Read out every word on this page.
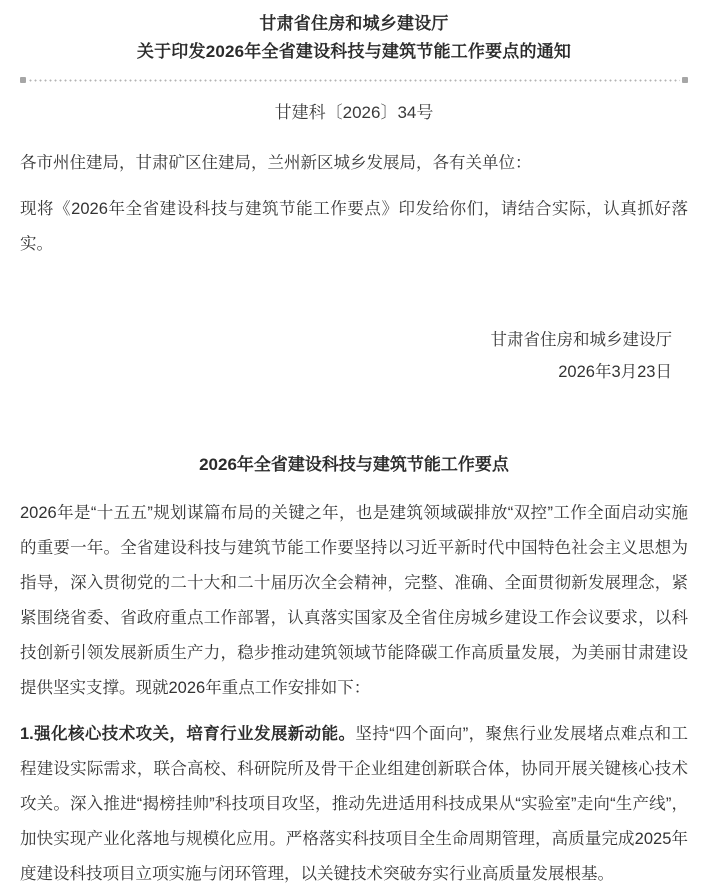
甘肃省住房和城乡建设厅
关于印发2026年全省建设科技与建筑节能工作要点的通知
甘建科〔2026〕34号

各市州住建局，甘肃矿区住建局，兰州新区城乡发展局，各有关单位：

现将《2026年全省建设科技与建筑节能工作要点》印发给你们，请结合实际，认真抓好落实。

甘肃省住房和城乡建设厅
2026年3月23日
2026年全省建设科技与建筑节能工作要点

2026年是“十五五”规划谋篇布局的关键之年，也是建筑领域碳排放“双控”工作全面启动实施的重要一年。全省建设科技与建筑节能工作要坚持以习近平新时代中国特色社会主义思想为指导，深入贯彻党的二十大和二十届历次全会精神，完整、准确、全面贯彻新发展理念，紧紧围绕省委、省政府重点工作部署，认真落实国家及全省住房城乡建设工作会议要求，以科技创新引领发展新质生产力，稳步推动建筑领域节能降碳工作高质量发展，为美丽甘肃建设提供坚实支撑。现就2026年重点工作安排如下：

1.强化核心技术攻关，培育行业发展新动能。坚持“四个面向”，聚焦行业发展堵点难点和工程建设实际需求，联合高校、科研院所及骨干企业组建创新联合体，协同开展关键核心技术攻关。深入推进“揭榜挂帅”科技项目攻坚，推动先进适用科技成果从“实验室”走向“生产线”，加快实现产业化落地与规模化应用。严格落实科技项目全生命周期管理，高质量完成2025年度建设科技项目立项实施与闭环管理，以关键技术突破夯实行业高质量发展根基。
